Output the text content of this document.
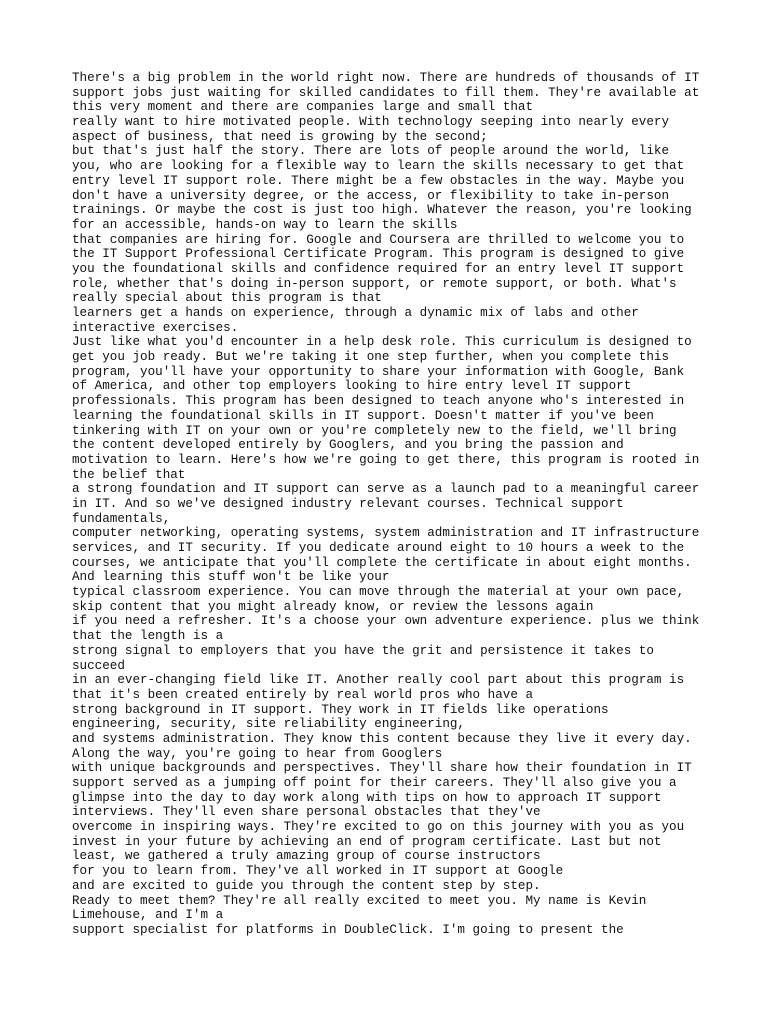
There's a big problem in the world right now. There are hundreds of thousands of IT
support jobs just waiting for skilled candidates to fill them. They're available at
this very moment and there are companies large and small that
really want to hire motivated people. With technology seeping into nearly every
aspect of business, that need is growing by the second;
but that's just half the story. There are lots of people around the world, like
you, who are looking for a flexible way to learn the skills necessary to get that
entry level IT support role. There might be a few obstacles in the way. Maybe you
don't have a university degree, or the access, or flexibility to take in-person
trainings. Or maybe the cost is just too high. Whatever the reason, you're looking
for an accessible, hands-on way to learn the skills
that companies are hiring for. Google and Coursera are thrilled to welcome you to
the IT Support Professional Certificate Program. This program is designed to give
you the foundational skills and confidence required for an entry level IT support
role, whether that's doing in-person support, or remote support, or both. What's
really special about this program is that
learners get a hands on experience, through a dynamic mix of labs and other
interactive exercises.
Just like what you'd encounter in a help desk role. This curriculum is designed to
get you job ready. But we're taking it one step further, when you complete this
program, you'll have your opportunity to share your information with Google, Bank
of America, and other top employers looking to hire entry level IT support
professionals. This program has been designed to teach anyone who's interested in
learning the foundational skills in IT support. Doesn't matter if you've been
tinkering with IT on your own or you're completely new to the field, we'll bring
the content developed entirely by Googlers, and you bring the passion and
motivation to learn. Here's how we're going to get there, this program is rooted in
the belief that
a strong foundation and IT support can serve as a launch pad to a meaningful career
in IT. And so we've designed industry relevant courses. Technical support
fundamentals,
computer networking, operating systems, system administration and IT infrastructure
services, and IT security. If you dedicate around eight to 10 hours a week to the
courses, we anticipate that you'll complete the certificate in about eight months.
And learning this stuff won't be like your
typical classroom experience. You can move through the material at your own pace,
skip content that you might already know, or review the lessons again
if you need a refresher. It's a choose your own adventure experience. plus we think
that the length is a
strong signal to employers that you have the grit and persistence it takes to
succeed
in an ever-changing field like IT. Another really cool part about this program is
that it's been created entirely by real world pros who have a
strong background in IT support. They work in IT fields like operations
engineering, security, site reliability engineering,
and systems administration. They know this content because they live it every day.
Along the way, you're going to hear from Googlers
with unique backgrounds and perspectives. They'll share how their foundation in IT
support served as a jumping off point for their careers. They'll also give you a
glimpse into the day to day work along with tips on how to approach IT support
interviews. They'll even share personal obstacles that they've
overcome in inspiring ways. They're excited to go on this journey with you as you
invest in your future by achieving an end of program certificate. Last but not
least, we gathered a truly amazing group of course instructors
for you to learn from. They've all worked in IT support at Google
and are excited to guide you through the content step by step.
Ready to meet them? They're all really excited to meet you. My name is Kevin
Limehouse, and I'm a
support specialist for platforms in DoubleClick. I'm going to present the
